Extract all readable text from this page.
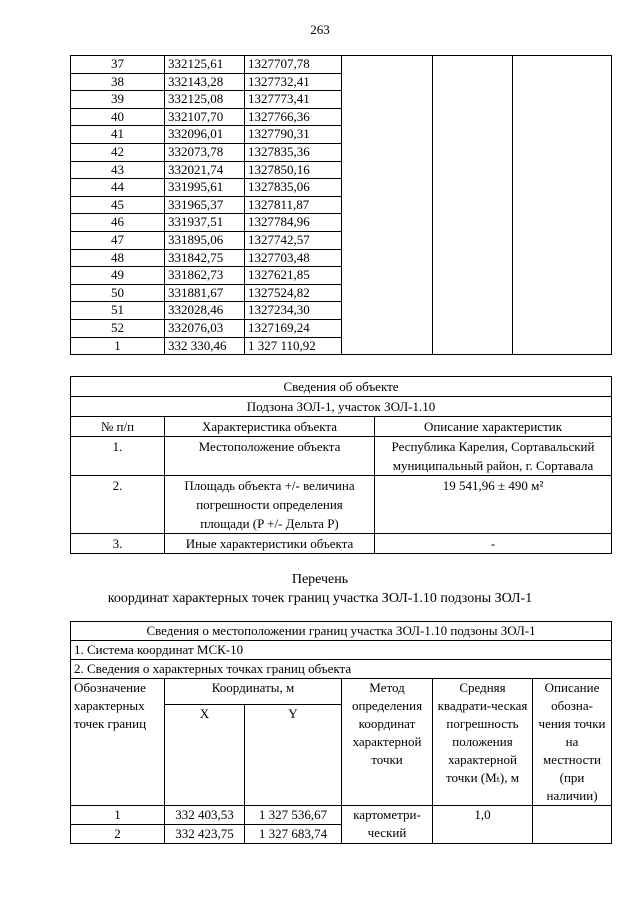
263
37	332125,61	1327707,78			
38	332143,28	1327732,41			
39	332125,08	1327773,41			
40	332107,70	1327766,36			
41	332096,01	1327790,31			
42	332073,78	1327835,36			
43	332021,74	1327850,16			
44	331995,61	1327835,06			
45	331965,37	1327811,87			
46	331937,51	1327784,96			
47	331895,06	1327742,57			
48	331842,75	1327703,48			
49	331862,73	1327621,85			
50	331881,67	1327524,82			
51	332028,46	1327234,30			
52	332076,03	1327169,24			
1	332 330,46	1 327 110,92			
Сведения об объекте		
Подзона ЗОЛ-1, участок ЗОЛ-1.10		
№ п/п	Характеристика объекта	Описание характеристик
1.	Местоположение объекта	Республика Карелия, Сортавальский муниципальный район, г. Сортавала
2.	Площадь объекта +/- величина погрешности определения площади (P +/- Дельта P)	19 541,96 ± 490 м²
3.	Иные характеристики объекта	-
Перечень
координат характерных точек границ участка ЗОЛ-1.10 подзоны ЗОЛ-1
Сведения о местоположении границ участка ЗОЛ-1.10 подзоны ЗОЛ-1					
1. Система координат МСК-10					
2. Сведения о характерных точках границ объекта					
Обозначение характерных точек границ	Координаты, м		Метод определения координат характерной точки	Средняя квадрати-ческая погрешность положения характерной точки (Mₜ), м	Описание обозна-чения точки на местности (при наличии)
	X	Y			
1	332 403,53	1 327 536,67	картометри-ческий	1,0	
2	332 423,75	1 327 683,74			
